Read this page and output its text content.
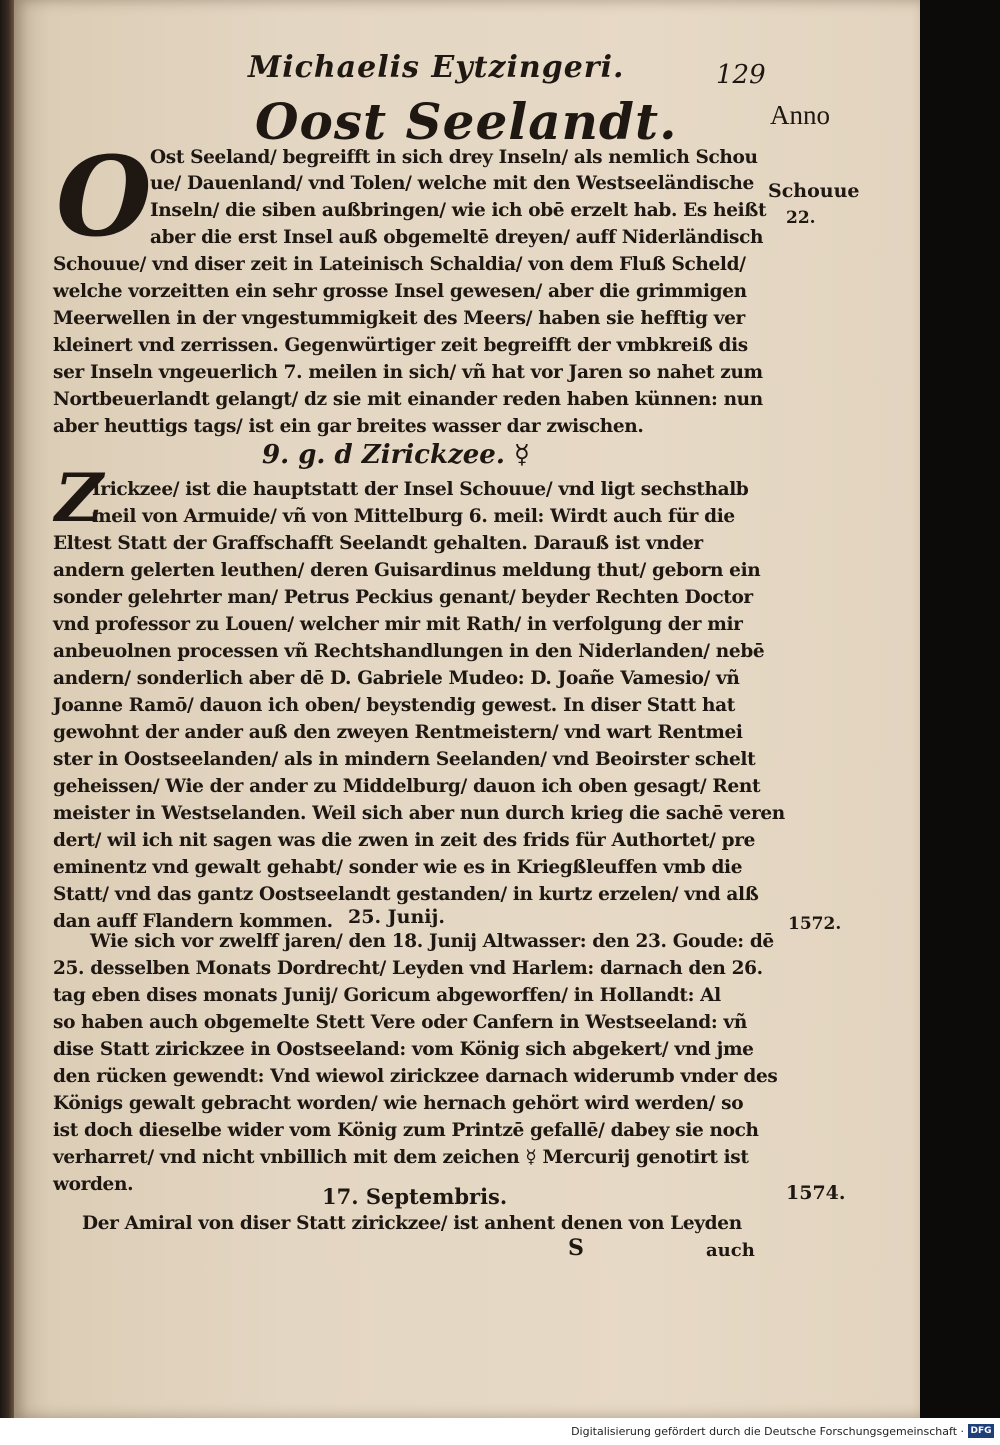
Michaelis Eytzingeri.	129
Anno
Oost Seelandt.
O
Ost Seeland/ begreifft in sich drey Inseln/ als nemlich Schou
ue/ Dauenland/ vnd Tolen/ welche mit den Westseeländische
Inseln/ die siben außbringen/ wie ich obē erzelt hab. Es heißt
aber die erst Insel auß obgemeltē dreyen/ auff Niderländisch
Schouue/ vnd diser zeit in Lateinisch Schaldia/ von dem Fluß Scheld/
welche vorzeitten ein sehr grosse Insel gewesen/ aber die grimmigen
Meerwellen in der vngestummigkeit des Meers/ haben sie hefftig ver
kleinert vnd zerrissen. Gegenwürtiger zeit begreifft der vmbkreiß dis
ser Inseln vngeuerlich 7. meilen in sich/ vñ hat vor Jaren so nahet zum
Nortbeuerlandt gelangt/ dz sie mit einander reden haben künnen: nun
aber heuttigs tags/ ist ein gar breites wasser dar zwischen.
Schouue
22.
9. g. d Zirickzee. ☿
Z
Irickzee/ ist die hauptstatt der Insel Schouue/ vnd ligt sechsthalb
meil von Armuide/ vñ von Mittelburg 6. meil: Wirdt auch für die
Eltest Statt der Graffschafft Seelandt gehalten. Darauß ist vnder
andern gelerten leuthen/ deren Guisardinus meldung thut/ geborn ein
sonder gelehrter man/ Petrus Peckius genant/ beyder Rechten Doctor
vnd professor zu Louen/ welcher mir mit Rath/ in verfolgung der mir
anbeuolnen processen vñ Rechtshandlungen in den Niderlanden/ nebē
andern/ sonderlich aber dē D. Gabriele Mudeo: D. Joañe Vamesio/ vñ
Joanne Ramō/ dauon ich oben/ beystendig gewest. In diser Statt hat
gewohnt der ander auß den zweyen Rentmeistern/ vnd wart Rentmei
ster in Oostseelanden/ als in mindern Seelanden/ vnd Beoirster schelt
geheissen/ Wie der ander zu Middelburg/ dauon ich oben gesagt/ Rent
meister in Westselanden. Weil sich aber nun durch krieg die sachē veren
dert/ wil ich nit sagen was die zwen in zeit des frids für Authortet/ pre
eminentz vnd gewalt gehabt/ sonder wie es in Kriegßleuffen vmb die
Statt/ vnd das gantz Oostseelandt gestanden/ in kurtz erzelen/ vnd alß
dan auff Flandern kommen. 25. Junij.	1572.
Wie sich vor zwelff jaren/ den 18. Junij Altwasser: den 23. Goude: dē
25. desselben Monats Dordrecht/ Leyden vnd Harlem: darnach den 26.
tag eben dises monats Junij/ Goricum abgeworffen/ in Hollandt: Al
so haben auch obgemelte Stett Vere oder Canfern in Westseeland: vñ
dise Statt zirickzee in Oostseeland: vom König sich abgekert/ vnd jme
den rücken gewendt: Vnd wiewol zirickzee darnach widerumb vnder des
Königs gewalt gebracht worden/ wie hernach gehört wird werden/ so
ist doch dieselbe wider vom König zum Printzē gefallē/ dabey sie noch
verharret/ vnd nicht vnbillich mit dem zeichen ☿ Mercurij genotirt ist
worden.	17. Septembris.	1574.
Der Amiral von diser Statt zirickzee/ ist anhent denen von Leyden
S	auch
Digitalisierung gefördert durch die Deutsche Forschungsgemeinschaft · DFG
